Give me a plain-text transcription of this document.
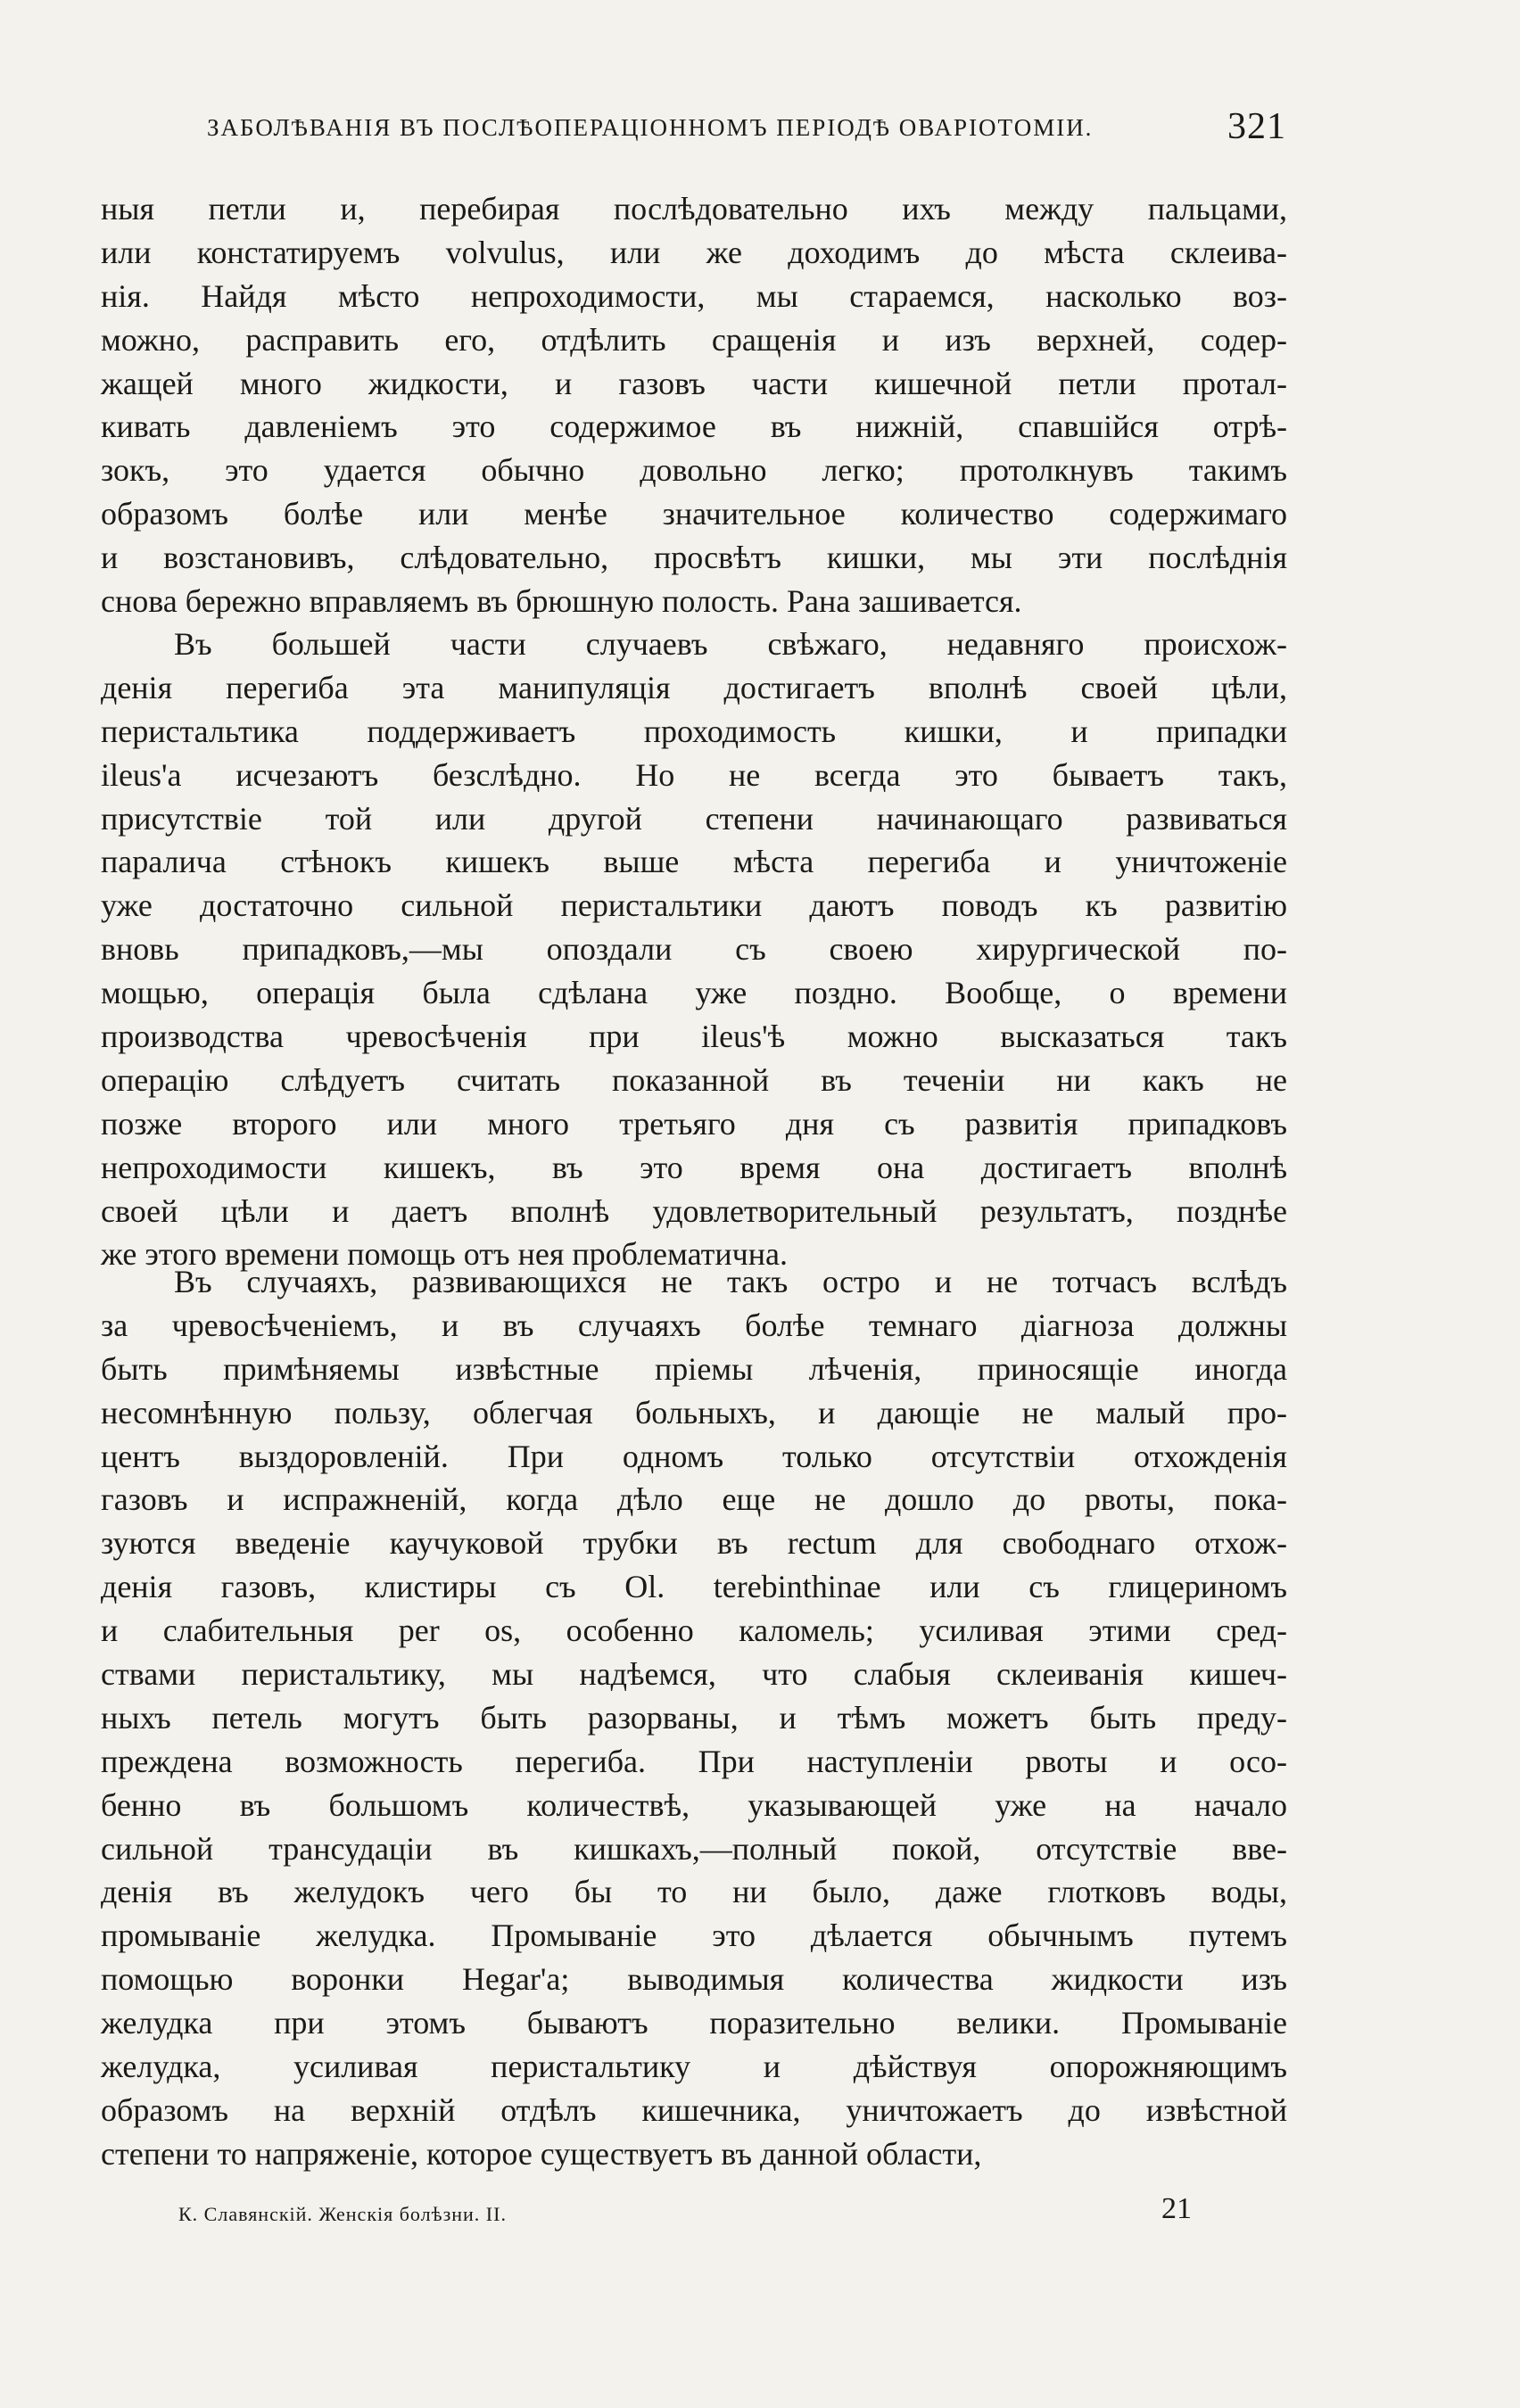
ЗАБОЛѢВАНІЯ ВЪ ПОСЛѢОПЕРАЦІОННОМЪ ПЕРІОДѢ ОВАРІОТОМІИ.	321
ныя петли и, перебирая послѣдовательно ихъ между пальцами,
или констатируемъ volvulus, или же доходимъ до мѣста склеива-
нія. Найдя мѣсто непроходимости, мы стараемся, насколько воз-
можно, расправить его, отдѣлить сращенія и изъ верхней, содер-
жащей много жидкости, и газовъ части кишечной петли протал-
кивать давленіемъ это содержимое въ нижній, спавшійся отрѣ-
зокъ, это удается обычно довольно легко; протолкнувъ такимъ
образомъ болѣе или менѣе значительное количество содержимаго
и возстановивъ, слѣдовательно, просвѣтъ кишки, мы эти послѣднія
снова бережно вправляемъ въ брюшную полость. Рана зашивается.
Въ большей части случаевъ свѣжаго, недавняго происхож-
денія перегиба эта манипуляція достигаетъ вполнѣ своей цѣли,
перистальтика поддерживаетъ проходимость кишки, и припадки
ileus'а исчезаютъ безслѣдно. Но не всегда это бываетъ такъ,
присутствіе той или другой степени начинающаго развиваться
паралича стѣнокъ кишекъ выше мѣста перегиба и уничтоженіе
уже достаточно сильной перистальтики даютъ поводъ къ развитію
вновь припадковъ,—мы опоздали съ своею хирургической по-
мощью, операція была сдѣлана уже поздно. Вообще, о времени
производства чревосѣченія при ileus'ѣ можно высказаться такъ
операцію слѣдуетъ считать показанной въ теченіи ни какъ не
позже второго или много третьяго дня съ развитія припадковъ
непроходимости кишекъ, въ это время она достигаетъ вполнѣ
своей цѣли и даетъ вполнѣ удовлетворительный результатъ, позднѣе
же этого времени помощь отъ нея проблематична.
Въ случаяхъ, развивающихся не такъ остро и не тотчасъ вслѣдъ
за чревосѣченіемъ, и въ случаяхъ болѣе темнаго діагноза должны
быть примѣняемы извѣстные пріемы лѣченія, приносящіе иногда
несомнѣнную пользу, облегчая больныхъ, и дающіе не малый про-
центъ выздоровленій. При одномъ только отсутствіи отхожденія
газовъ и испражненій, когда дѣло еще не дошло до рвоты, пока-
зуются введеніе каучуковой трубки въ rectum для свободнаго отхож-
денія газовъ, клистиры съ Ol. terebinthinae или съ глицериномъ
и слабительныя per os, особенно каломель; усиливая этими сред-
ствами перистальтику, мы надѣемся, что слабыя склеиванія кишеч-
ныхъ петель могутъ быть разорваны, и тѣмъ можетъ быть преду-
преждена возможность перегиба. При наступленіи рвоты и осо-
бенно въ большомъ количествѣ, указывающей уже на начало
сильной трансудаціи въ кишкахъ,—полный покой, отсутствіе вве-
денія въ желудокъ чего бы то ни было, даже глотковъ воды,
промываніе желудка. Промываніе это дѣлается обычнымъ путемъ
помощью воронки Hegar'а; выводимыя количества жидкости изъ
желудка при этомъ бываютъ поразительно велики. Промываніе
желудка, усиливая перистальтику и дѣйствуя опорожняющимъ
образомъ на верхній отдѣлъ кишечника, уничтожаетъ до извѣстной
степени то напряженіе, которое существуетъ въ данной области,
К. Славянскій. Женскія болѣзни. II.	21
